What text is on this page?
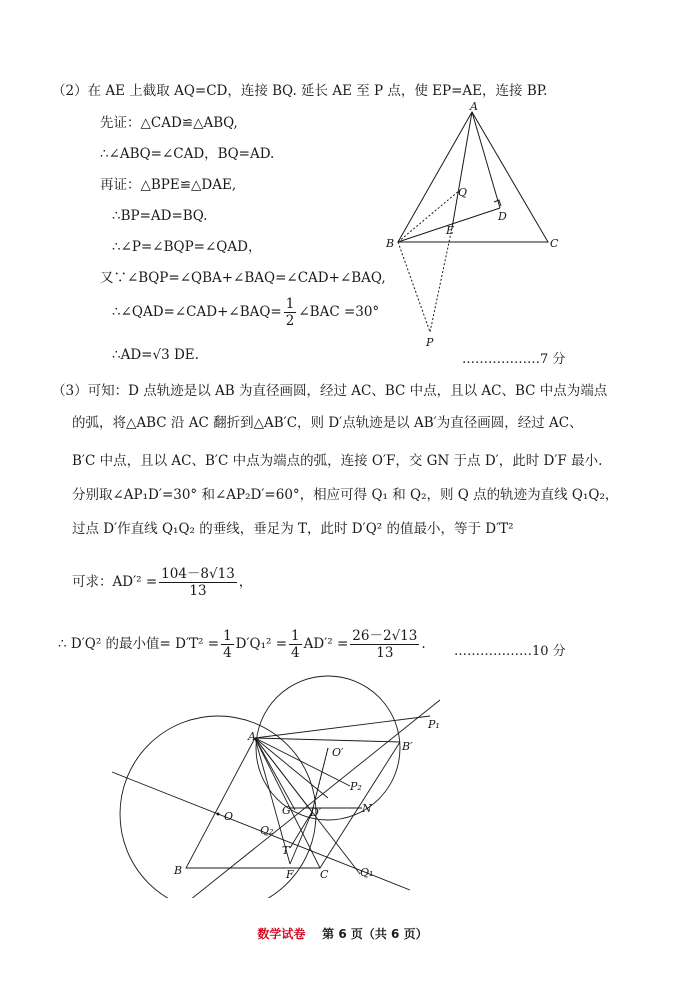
（2）在 AE 上截取 AQ=CD，连接 BQ. 延长 AE 至 P 点，使 EP=AE，连接 BP.
先证：△CAD≌△ABQ,
∴∠ABQ=∠CAD，BQ=AD.
再证：△BPE≌△DAE,
∴BP=AD=BQ.
∴∠P=∠BQP=∠QAD，
又∵∠BQP=∠QBA+∠BAQ=∠CAD+∠BAQ,
∴∠QAD=∠CAD+∠BAQ= $\frac{1}{2}$ ∠BAC =30°
∴AD=√3 DE.	………………7 分
A
Q
D
B
E
C
P
（3）可知：D 点轨迹是以 AB 为直径画圆，经过 AC、BC 中点，且以 AC、BC 中点为端点
的弧，将△ABC 沿 AC 翻折到△AB′C，则 D′点轨迹是以 AB′为直径画圆，经过 AC、
B′C 中点，且以 AC、B′C 中点为端点的弧，连接 O′F，交 GN 于点 D′，此时 D′F 最小.
分别取∠AP₁D′=30° 和∠AP₂D′=60°，相应可得 Q₁ 和 Q₂，则 Q 点的轨迹为直线 Q₁Q₂，
过点 D′作直线 Q₁Q₂ 的垂线，垂足为 T，此时 D′Q² 的值最小，等于 D′T²
可求：$AD'^2 = \frac{104-8√13}{13}$ ，
∴ D′Q² 的最小值= $D'T^2 = \frac{1}{4} D'Q_1^2 = \frac{1}{4} AD'^2 = \frac{26-2√13}{13}$ . ………………10 分
P₁
A
B′
O′
P₂
O	G D′	N
Q₂
T
B	F C	Q₁
数学试卷 第 6 页（共 6 页）
